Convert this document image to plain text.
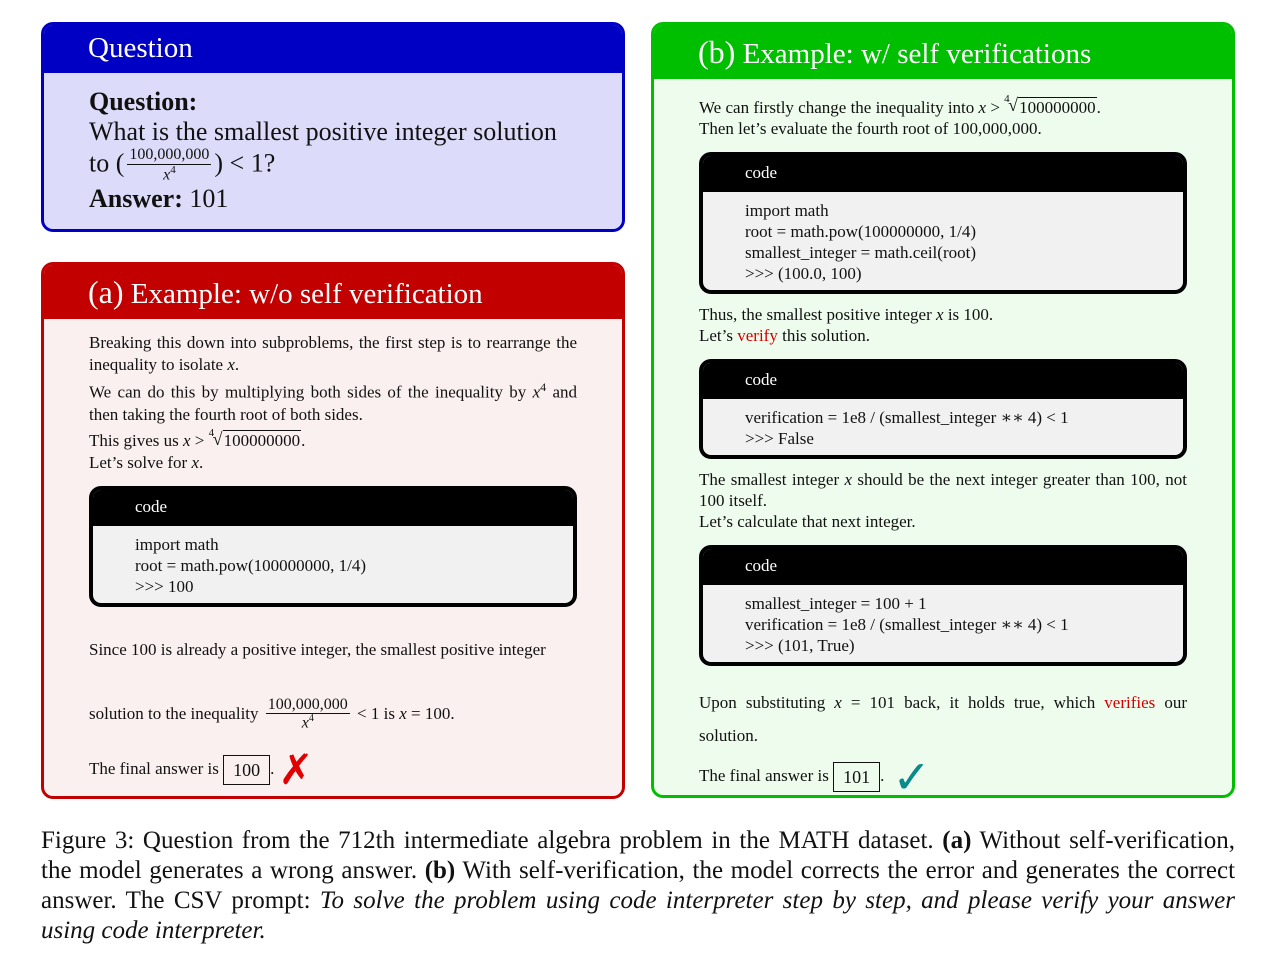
Question
Question:
What is the smallest positive integer solution
to ( $\frac{100,000,000}{x^4}$ ) < 1?
Answer: 101
(a) Example: w/o self verification

Breaking this down into subproblems, the first step is to rearrange the inequality to isolate x.

We can do this by multiplying both sides of the inequality by $x^4$ and then taking the fourth root of both sides.

This gives us x > 4
√ 100000000.

Let’s solve for x.

code
import math
root = math.pow(100000000, 1/4)
>>> 100

Since 100 is already a positive integer, the smallest positive integer

solution to the inequality $\frac{100,000,000}{x^4} < 1$ is x = 100.

The final answer is 100 .✗

(b) Example: w/ self verifications

We can firstly change the inequality into x > 4
√ 100000000.

Then let’s evaluate the fourth root of 100,000,000.

code
import math
root = math.pow(100000000, 1/4)
smallest_integer = math.ceil(root)
>>> (100.0, 100)

Thus, the smallest positive integer x is 100.

Let’s verify this solution.

code
verification = 1e8 / (smallest_integer ∗∗ 4) < 1
>>> False

The smallest integer x should be the next integer greater than 100, not 100 itself.

Let’s calculate that next integer.

code
smallest_integer = 100 + 1
verification = 1e8 / (smallest_integer ∗∗ 4) < 1
>>> (101, True)

Upon substituting x = 101 back, it holds true, which verifies our solution.

The final answer is 101 . ✓

Figure 3: Question from the 712th intermediate algebra problem in the MATH dataset. (a) Without self-verification, the model generates a wrong answer. (b) With self-verification, the model corrects the error and generates the correct answer. The CSV prompt: To solve the problem using code interpreter step by step, and please verify your answer using code interpreter.
